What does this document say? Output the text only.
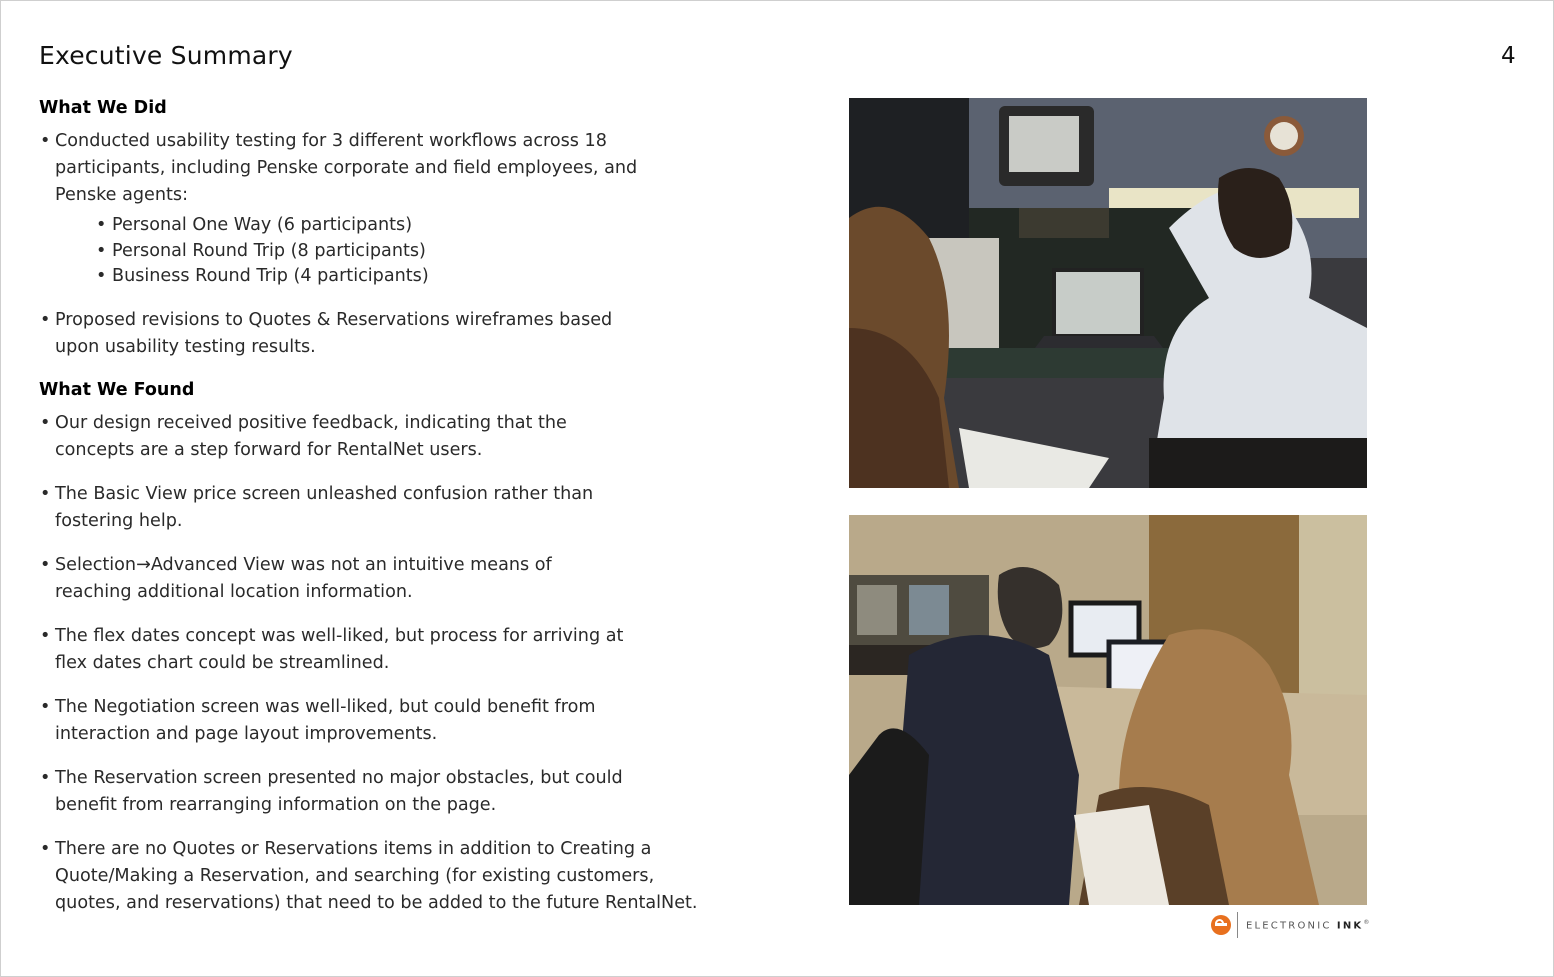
Executive Summary	4
What We Did
• Conducted usability testing for 3 different workflows across 18 participants, including Penske corporate and field employees, and Penske agents:
• Personal One Way (6 participants)
• Personal Round Trip (8 participants)
• Business Round Trip (4 participants)
• Proposed revisions to Quotes & Reservations wireframes based upon usability testing results.
What We Found
• Our design received positive feedback, indicating that the concepts are a step forward for RentalNet users.
• The Basic View price screen unleashed confusion rather than fostering help.
• Selection→Advanced View was not an intuitive means of reaching additional location information.
• The flex dates concept was well-liked, but process for arriving at flex dates chart could be streamlined.
• The Negotiation screen was well-liked, but could benefit from interaction and page layout improvements.
• The Reservation screen presented no major obstacles, but could benefit from rearranging information on the page.
• There are no Quotes or Reservations items in addition to Creating a Quote/Making a Reservation, and searching (for existing customers, quotes, and reservations) that need to be added to the future RentalNet.
ELECTRONIC INK®
